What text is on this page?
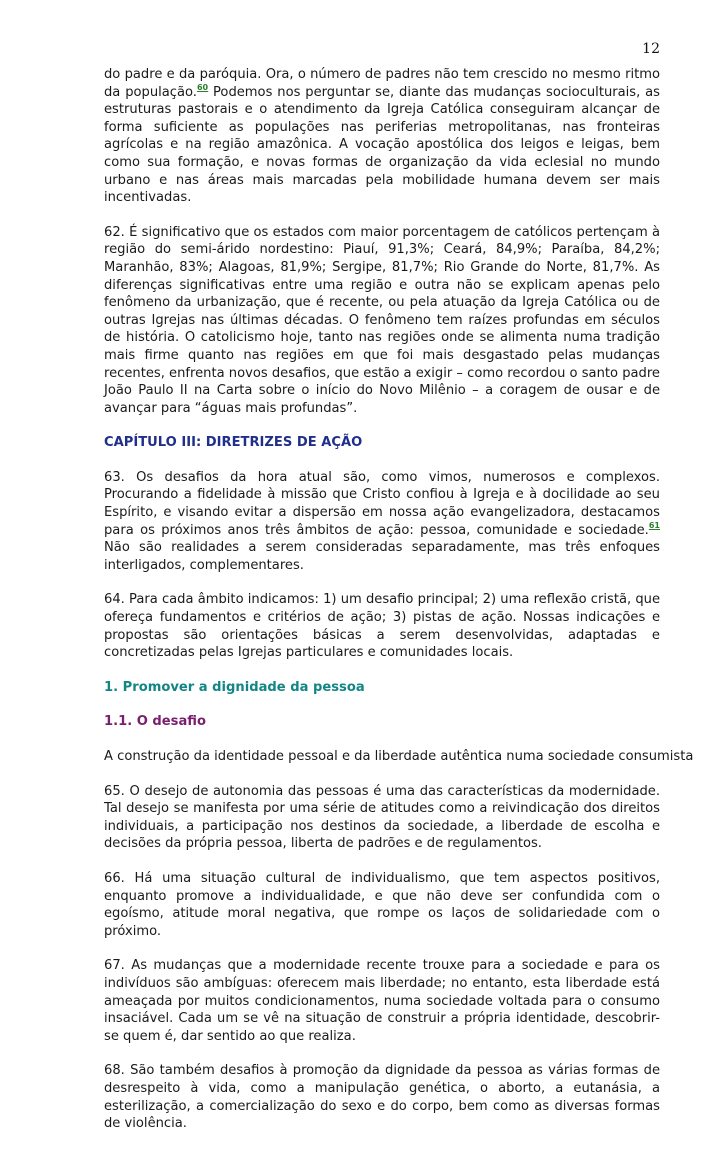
12

do padre e da paróquia. Ora, o número de padres não tem crescido no mesmo ritmo da população.$^{60}$ Podemos nos perguntar se, diante das mudanças socioculturais, as estruturas pastorais e o atendimento da Igreja Católica conseguiram alcançar de forma suficiente as populações nas periferias metropolitanas, nas fronteiras agrícolas e na região amazônica. A vocação apostólica dos leigos e leigas, bem como sua formação, e novas formas de organização da vida eclesial no mundo urbano e nas áreas mais marcadas pela mobilidade humana devem ser mais incentivadas.

62. É significativo que os estados com maior porcentagem de católicos pertençam à região do semi-árido nordestino: Piauí, 91,3%; Ceará, 84,9%; Paraíba, 84,2%; Maranhão, 83%; Alagoas, 81,9%; Sergipe, 81,7%; Rio Grande do Norte, 81,7%. As diferenças significativas entre uma região e outra não se explicam apenas pelo fenômeno da urbanização, que é recente, ou pela atuação da Igreja Católica ou de outras Igrejas nas últimas décadas. O fenômeno tem raízes profundas em séculos de história. O catolicismo hoje, tanto nas regiões onde se alimenta numa tradição mais firme quanto nas regiões em que foi mais desgastado pelas mudanças recentes, enfrenta novos desafios, que estão a exigir – como recordou o santo padre João Paulo II na Carta sobre o início do Novo Milênio – a coragem de ousar e de avançar para “águas mais profundas”.

CAPÍTULO III: DIRETRIZES DE AÇÃO

63. Os desafios da hora atual são, como vimos, numerosos e complexos. Procurando a fidelidade à missão que Cristo confiou à Igreja e à docilidade ao seu Espírito, e visando evitar a dispersão em nossa ação evangelizadora, destacamos para os próximos anos três âmbitos de ação: pessoa, comunidade e sociedade.$^{61}$ Não são realidades a serem consideradas separadamente, mas três enfoques interligados, complementares.

64. Para cada âmbito indicamos: 1) um desafio principal; 2) uma reflexão cristã, que ofereça fundamentos e critérios de ação; 3) pistas de ação. Nossas indicações e propostas são orientações básicas a serem desenvolvidas, adaptadas e concretizadas pelas Igrejas particulares e comunidades locais.

1. Promover a dignidade da pessoa
1.1. O desafio

A construção da identidade pessoal e da liberdade autêntica numa sociedade consumista

65. O desejo de autonomia das pessoas é uma das características da modernidade. Tal desejo se manifesta por uma série de atitudes como a reivindicação dos direitos individuais, a participação nos destinos da sociedade, a liberdade de escolha e decisões da própria pessoa, liberta de padrões e de regulamentos.

66. Há uma situação cultural de individualismo, que tem aspectos positivos, enquanto promove a individualidade, e que não deve ser confundida com o egoísmo, atitude moral negativa, que rompe os laços de solidariedade com o próximo.

67. As mudanças que a modernidade recente trouxe para a sociedade e para os indivíduos são ambíguas: oferecem mais liberdade; no entanto, esta liberdade está ameaçada por muitos condicionamentos, numa sociedade voltada para o consumo insaciável. Cada um se vê na situação de construir a própria identidade, descobrir-se quem é, dar sentido ao que realiza.

68. São também desafios à promoção da dignidade da pessoa as várias formas de desrespeito à vida, como a manipulação genética, o aborto, a eutanásia, a esterilização, a comercialização do sexo e do corpo, bem como as diversas formas de violência.
